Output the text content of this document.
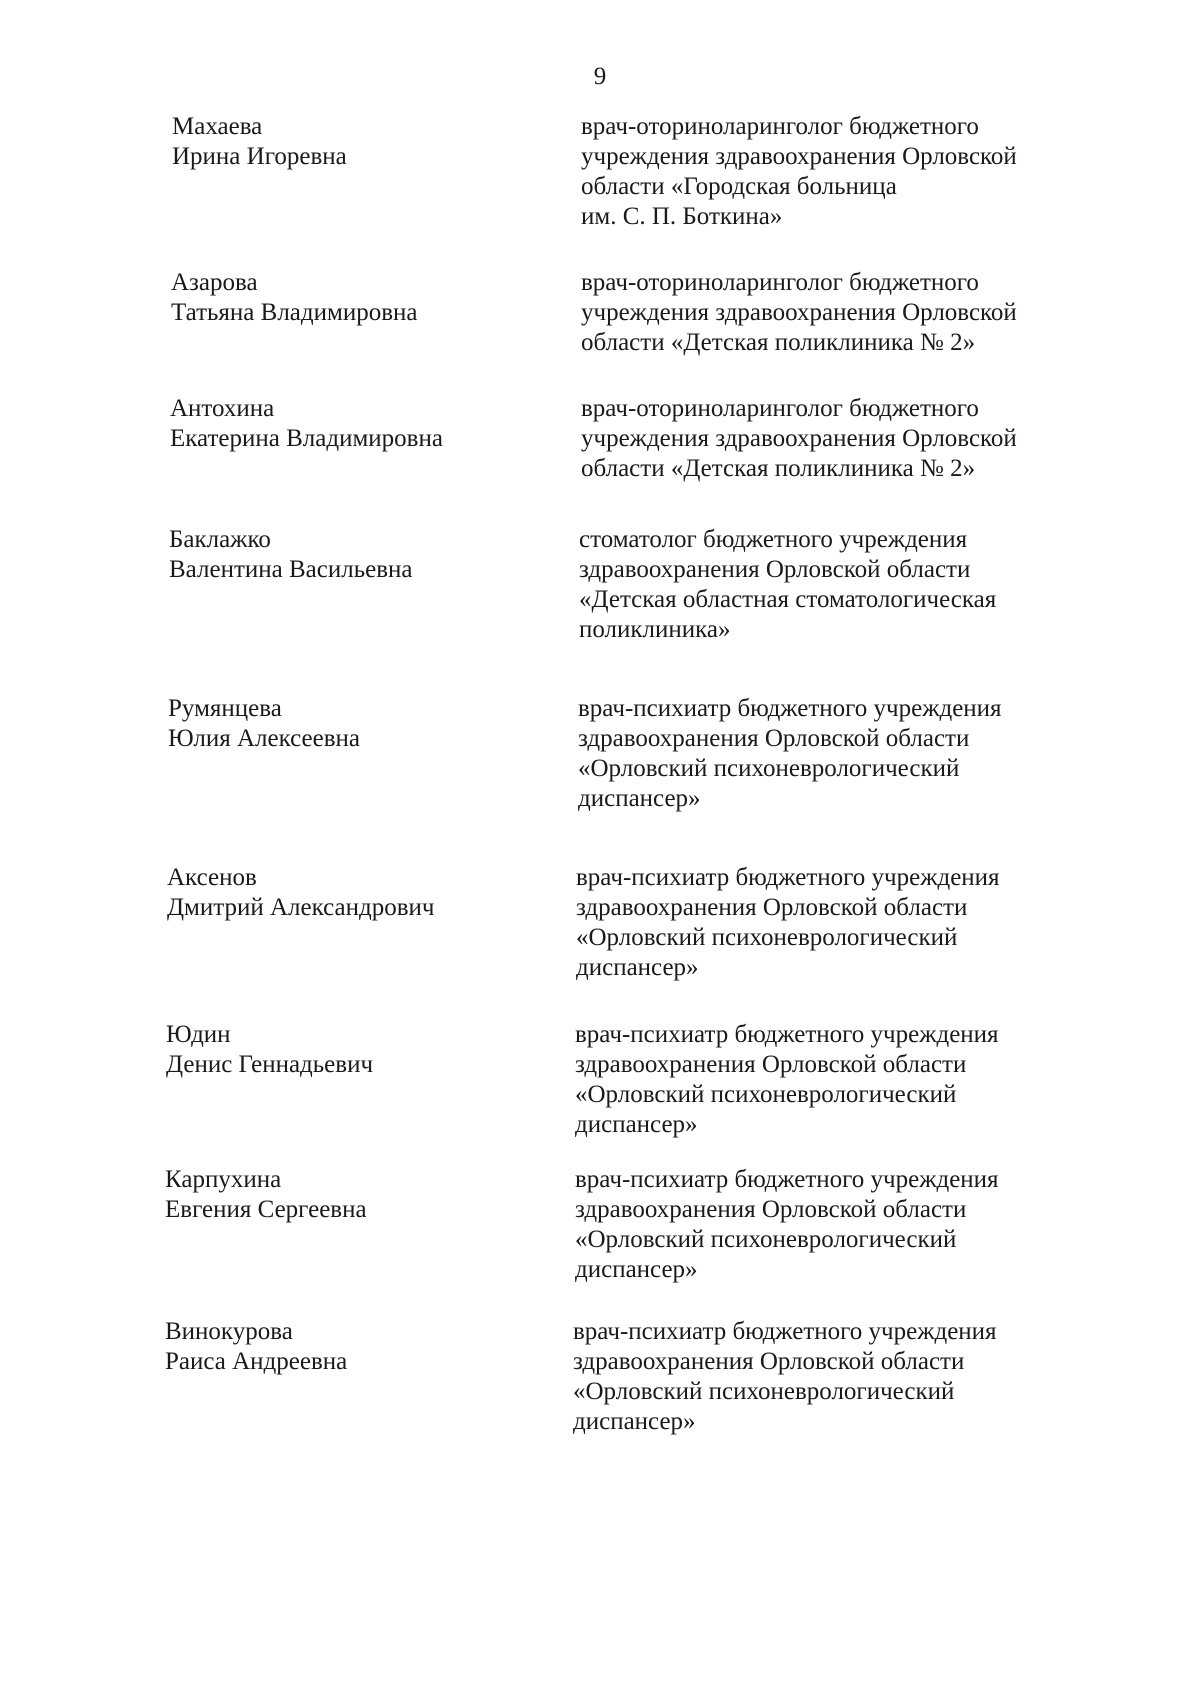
9
Махаева
Ирина Игоревна
врач-оториноларинголог бюджетного
учреждения здравоохранения Орловской
области «Городская больница
им. С. П. Боткина»
Азарова
Татьяна Владимировна
врач-оториноларинголог бюджетного
учреждения здравоохранения Орловской
области «Детская поликлиника № 2»
Антохина
Екатерина Владимировна
врач-оториноларинголог бюджетного
учреждения здравоохранения Орловской
области «Детская поликлиника № 2»
Баклажко
Валентина Васильевна
стоматолог бюджетного учреждения
здравоохранения Орловской области
«Детская областная стоматологическая
поликлиника»
Румянцева
Юлия Алексеевна
врач-психиатр бюджетного учреждения
здравоохранения Орловской области
«Орловский психоневрологический
диспансер»
Аксенов
Дмитрий Александрович
врач-психиатр бюджетного учреждения
здравоохранения Орловской области
«Орловский психоневрологический
диспансер»
Юдин
Денис Геннадьевич
врач-психиатр бюджетного учреждения
здравоохранения Орловской области
«Орловский психоневрологический
диспансер»
Карпухина
Евгения Сергеевна
врач-психиатр бюджетного учреждения
здравоохранения Орловской области
«Орловский психоневрологический
диспансер»
Винокурова
Раиса Андреевна
врач-психиатр бюджетного учреждения
здравоохранения Орловской области
«Орловский психоневрологический
диспансер»
